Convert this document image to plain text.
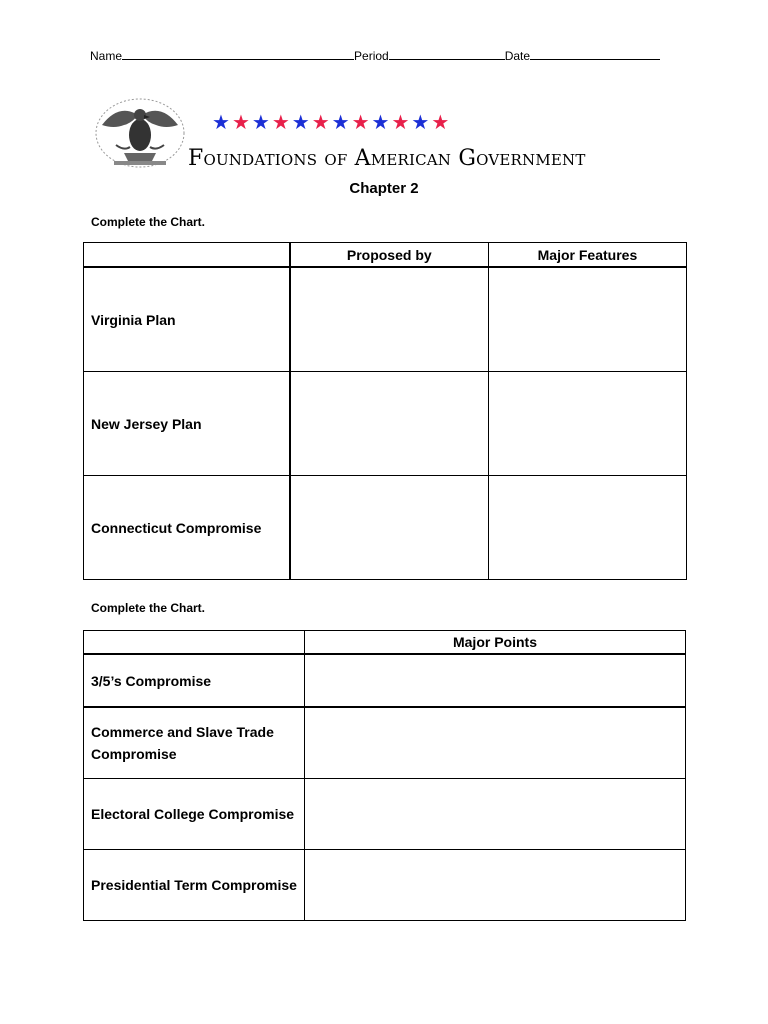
Name	Period	Date
★★★★★★★★★★★★
Foundations of American Government
Chapter 2
Complete the Chart.
	Proposed by	Major Features
Virginia Plan		
New Jersey Plan		
Connecticut Compromise		
Complete the Chart.
	Major Points
3/5’s Compromise	
Commerce and Slave Trade Compromise	
Electoral College Compromise	
Presidential Term Compromise	
